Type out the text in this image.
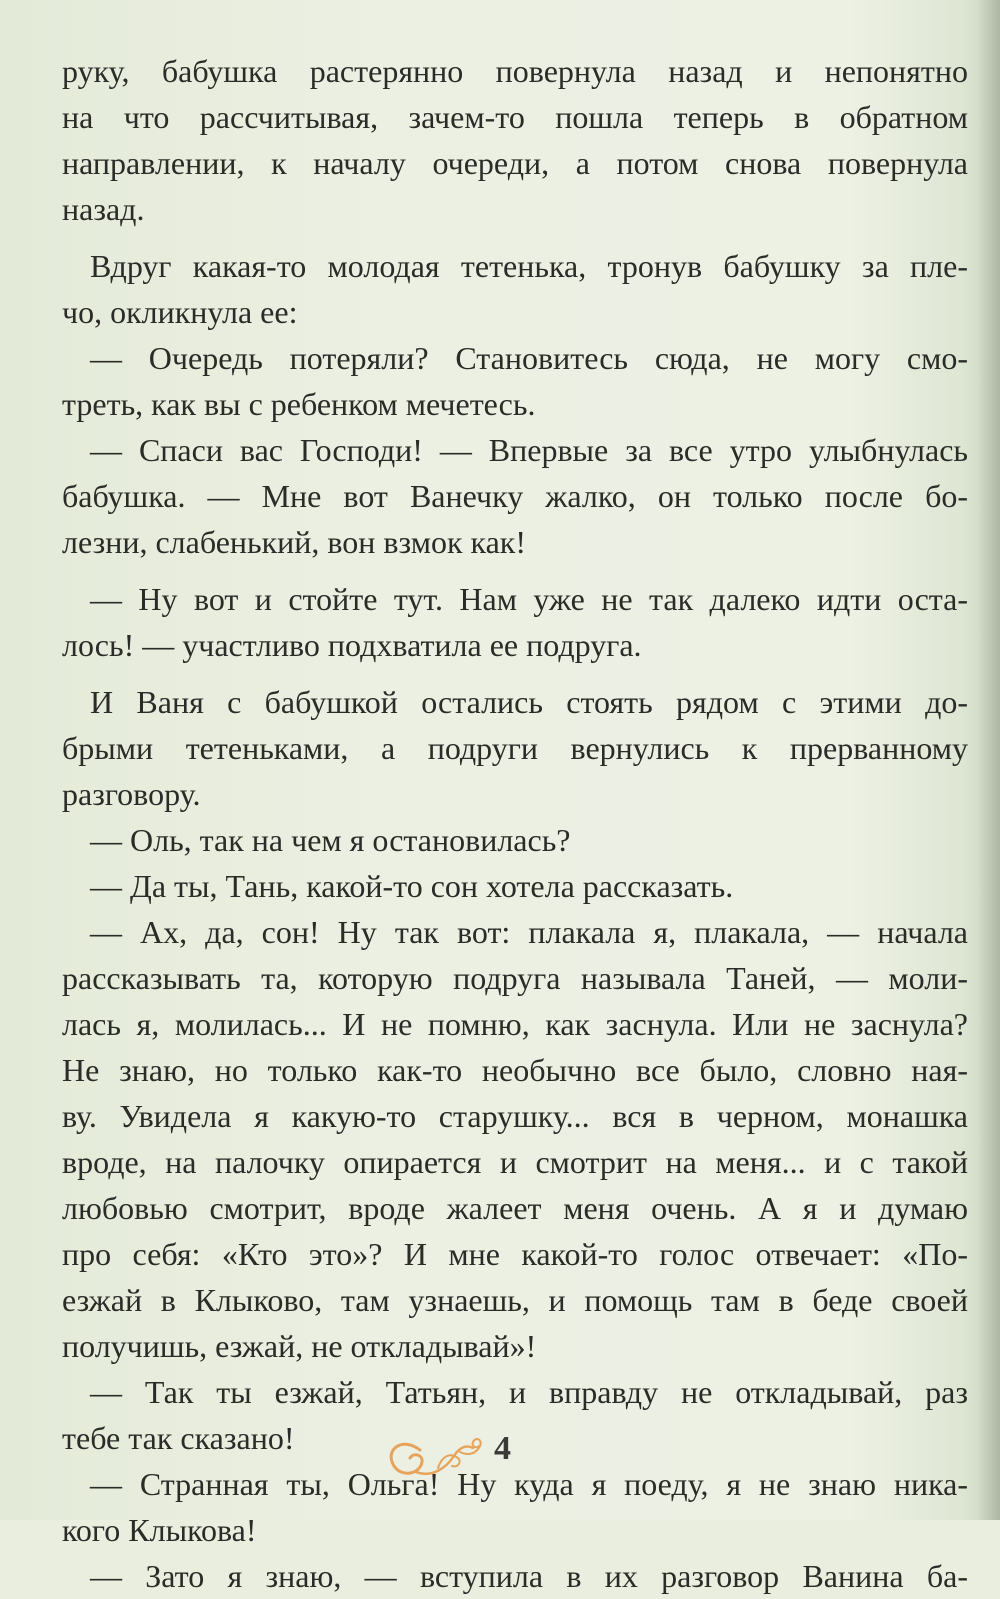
руку, бабушка растерянно повернула назад и непонятно
на что рассчитывая, зачем-то пошла теперь в обратном
направлении, к началу очереди, а потом снова повернула
назад.
Вдруг какая-то молодая тетенька, тронув бабушку за пле-
чо, окликнула ее:
— Очередь потеряли? Становитесь сюда, не могу смо-
треть, как вы с ребенком мечетесь.
— Спаси вас Господи! — Впервые за все утро улыбнулась
бабушка. — Мне вот Ванечку жалко, он только после бо-
лезни, слабенький, вон взмок как!
— Ну вот и стойте тут. Нам уже не так далеко идти оста-
лось! — участливо подхватила ее подруга.
И Ваня с бабушкой остались стоять рядом с этими до-
брыми тетеньками, а подруги вернулись к прерванному
разговору.
— Оль, так на чем я остановилась?
— Да ты, Тань, какой-то сон хотела рассказать.
— Ах, да, сон! Ну так вот: плакала я, плакала, — начала
рассказывать та, которую подруга называла Таней, — моли-
лась я, молилась... И не помню, как заснула. Или не заснула?
Не знаю, но только как-то необычно все было, словно ная-
ву. Увидела я какую-то старушку... вся в черном, монашка
вроде, на палочку опирается и смотрит на меня... и с такой
любовью смотрит, вроде жалеет меня очень. А я и думаю
про себя: «Кто это»? И мне какой-то голос отвечает: «По-
езжай в Клыково, там узнаешь, и помощь там в беде своей
получишь, езжай, не откладывай»!
— Так ты езжай, Татьян, и вправду не откладывай, раз
тебе так сказано!
— Странная ты, Ольга! Ну куда я поеду, я не знаю ника-
кого Клыкова!
— Зато я знаю, — вступила в их разговор Ванина ба-
4
